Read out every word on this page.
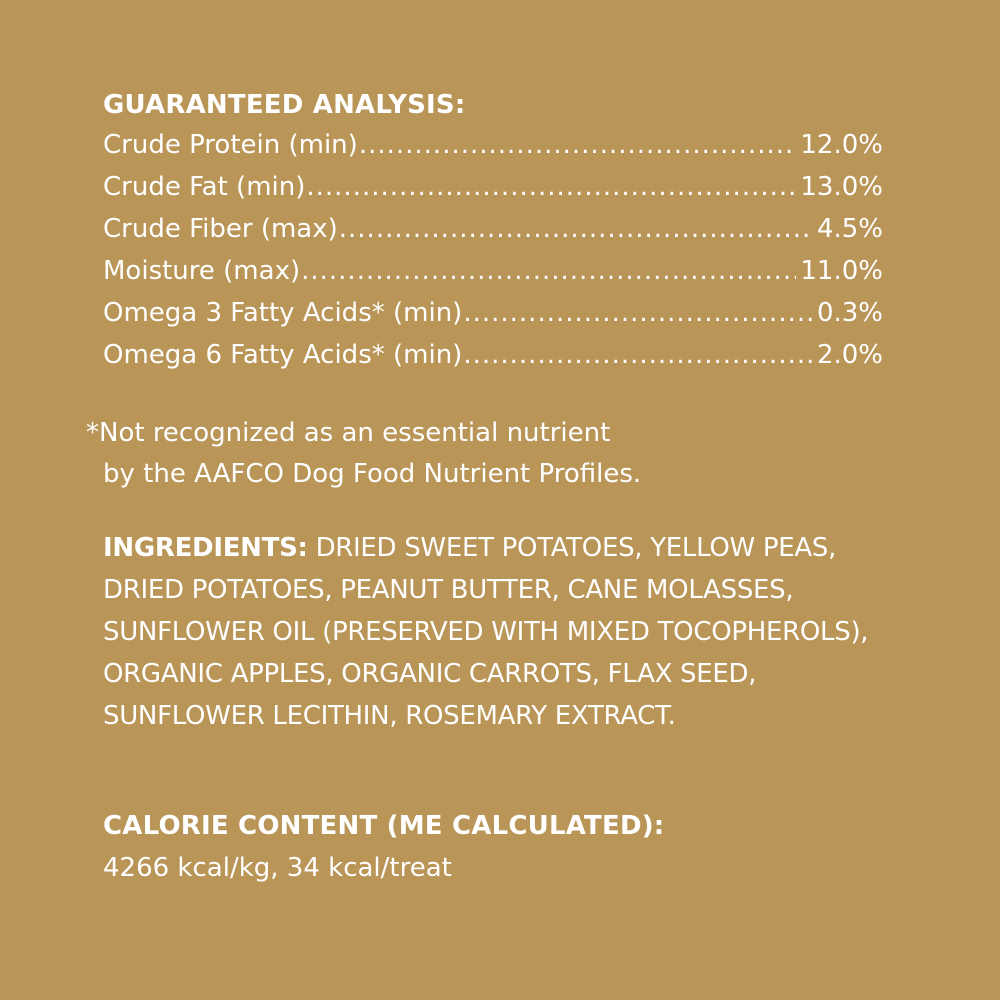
GUARANTEED ANALYSIS:
Crude Protein (min) .....	12.0%
Crude Fat (min) .....	13.0%
Crude Fiber (max) .....	4.5%
Moisture (max) .....	11.0%
Omega 3 Fatty Acids* (min) .....	0.3%
Omega 6 Fatty Acids* (min) .....	2.0%
*Not recognized as an essential nutrient
by the AAFCO Dog Food Nutrient Profiles.
INGREDIENTS: DRIED SWEET POTATOES, YELLOW PEAS, DRIED POTATOES, PEANUT BUTTER, CANE MOLASSES, SUNFLOWER OIL (PRESERVED WITH MIXED TOCOPHEROLS), ORGANIC APPLES, ORGANIC CARROTS, FLAX SEED, SUNFLOWER LECITHIN, ROSEMARY EXTRACT.
CALORIE CONTENT (ME CALCULATED):
4266 kcal/kg, 34 kcal/treat
